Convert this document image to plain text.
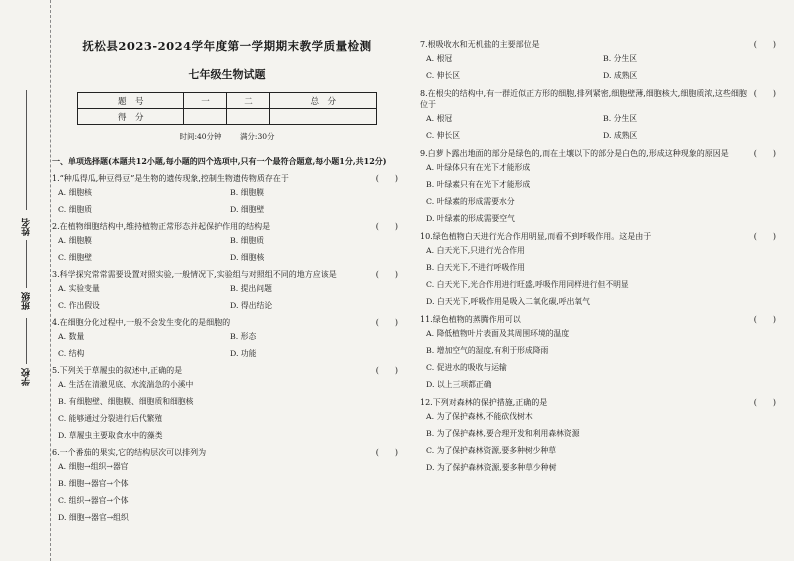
姓名
班级
学校
抚松县2023-2024学年度第一学期期末教学质量检测
七年级生物试题
题　号	一	二	总　分
得　分			
时间:40分钟 满分:30分
一、单项选择题(本题共12小题,每小题的四个选项中,只有一个最符合题意,每小题1分,共12分)
1.“种瓜得瓜,种豆得豆”是生物的遗传现象,控制生物遗传物质存在于	(　　)
A. 细胞核	B. 细胞膜
C. 细胞质	D. 细胞壁
2.在植物细胞结构中,维持植物正常形态并起保护作用的结构是	(　　)
A. 细胞膜	B. 细胞质
C. 细胞壁	D. 细胞核
3.科学探究常常需要设置对照实验,一般情况下,实验组与对照组不同的地方应该是	(　　)
A. 实验变量	B. 提出问题
C. 作出假设	D. 得出结论
4.在细胞分化过程中,一般不会发生变化的是细胞的	(　　)
A. 数量	B. 形态
C. 结构	D. 功能
5.下列关于草履虫的叙述中,正确的是	(　　)
A. 生活在清澈见底、水流湍急的小溪中
B. 有细胞壁、细胞膜、细胞质和细胞核
C. 能够通过分裂进行后代繁殖
D. 草履虫主要取食水中的藻类
6.一个番茄的果实,它的结构层次可以排列为	(　　)
A. 细胞→组织→器官
B. 细胞→器官→个体
C. 组织→器官→个体
D. 细胞→器官→组织
7.根吸收水和无机盐的主要部位是	(　　)
A. 根冠	B. 分生区
C. 伸长区	D. 成熟区
8.在根尖的结构中,有一群近似正方形的细胞,排列紧密,细胞壁薄,细胞核大,细胞质浓,这些细胞位于
(　　)
A. 根冠	B. 分生区
C. 伸长区	D. 成熟区
9.白萝卜露出地面的部分是绿色的,而在土壤以下的部分是白色的,形成这种现象的原因是	(　　)
A. 叶绿体只有在光下才能形成
B. 叶绿素只有在光下才能形成
C. 叶绿素的形成需要水分
D. 叶绿素的形成需要空气
10.绿色植物白天进行光合作用明显,而看不到呼吸作用。这是由于	(　　)
A. 白天光下,只进行光合作用
B. 白天光下,不进行呼吸作用
C. 白天光下,光合作用进行旺盛,呼吸作用同样进行但不明显
D. 白天光下,呼吸作用是吸入二氧化碳,呼出氧气
11.绿色植物的蒸腾作用可以	(　　)
A. 降低植物叶片表面及其周围环境的温度
B. 增加空气的湿度,有利于形成降雨
C. 促进水的吸收与运输
D. 以上三项都正确
12.下列对森林的保护措施,正确的是	(　　)
A. 为了保护森林,不能砍伐树木
B. 为了保护森林,要合理开发和利用森林资源
C. 为了保护森林资源,要多种树少种草
D. 为了保护森林资源,要多种草少种树
